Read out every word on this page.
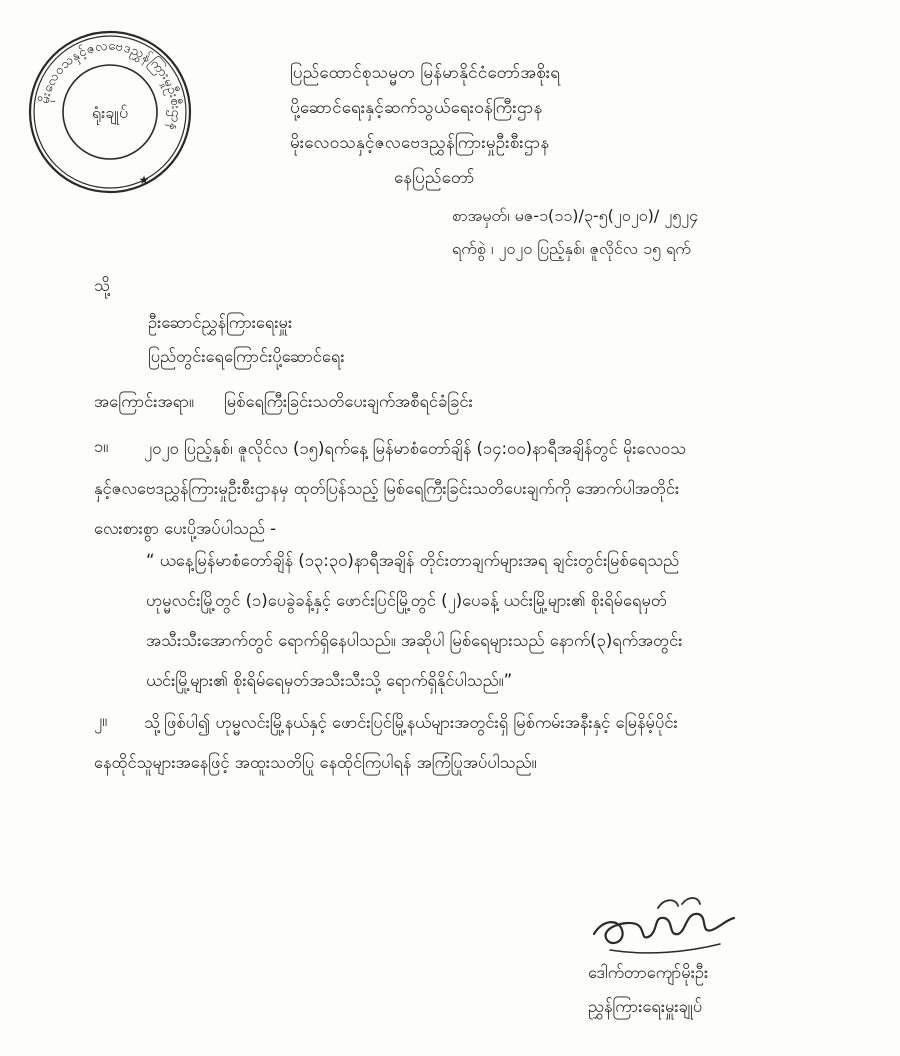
မိုးလေဝသနှင့်ဇလဗေဒညွှန်ကြားမှုဦးစီးဌာန
ရုံးချုပ်
★
ပြည်ထောင်စုသမ္မတ မြန်မာနိုင်ငံတော်အစိုးရ
ပို့ဆောင်ရေးနှင့်ဆက်သွယ်ရေးဝန်ကြီးဌာန
မိုးလေဝသနှင့်ဇလဗေဒညွှန်ကြားမှုဦးစီးဌာန
နေပြည်တော်
စာအမှတ်၊ မဇ-၁(၁၁)/၃-၅(၂၀၂၀)/ ၂၅၂၄
ရက်စွဲ ၊ ၂၀၂၀ ပြည့်နှစ်၊ ဇူလိုင်လ ၁၅ ရက်
သို့
ဦးဆောင်ညွှန်ကြားရေးမှူး
ပြည်တွင်းရေကြောင်းပို့ဆောင်ရေး
အကြောင်းအရာ။ မြစ်ရေကြီးခြင်းသတိပေးချက်အစီရင်ခံခြင်း
၁။	၂၀၂၀ ပြည့်နှစ်၊ ဇူလိုင်လ (၁၅)ရက်နေ့ မြန်မာစံတော်ချိန် (၁၄:၀၀)နာရီအချိန်တွင် မိုးလေဝသ
နှင့်ဇလဗေဒညွှန်ကြားမှုဦးစီးဌာနမှ ထုတ်ပြန်သည့် မြစ်ရေကြီးခြင်းသတိပေးချက်ကို အောက်ပါအတိုင်း
လေးစားစွာ ပေးပို့အပ်ပါသည် -
“ ယနေ့မြန်မာစံတော်ချိန် (၁၃:၃၀)နာရီအချိန် တိုင်းတာချက်များအရ ချင်းတွင်းမြစ်ရေသည်
ဟုမ္မလင်းမြို့တွင် (၁)ပေခွဲခန့်နှင့် ဖောင်းပြင်မြို့တွင် (၂)ပေခန့် ယင်းမြို့များ၏ စိုးရိမ်ရေမှတ်
အသီးသီးအောက်တွင် ရောက်ရှိနေပါသည်။ အဆိုပါ မြစ်ရေများသည် နောက်(၃)ရက်အတွင်း
ယင်းမြို့များ၏ စိုးရိမ်ရေမှတ်အသီးသီးသို့ ရောက်ရှိနိုင်ပါသည်။”
၂။	သို့ဖြစ်ပါ၍ ဟုမ္မလင်းမြို့နယ်နှင့် ဖောင်းပြင်မြို့နယ်များအတွင်းရှိ မြစ်ကမ်းအနီးနှင့် မြေနိမ့်ပိုင်း
နေထိုင်သူများအနေဖြင့် အထူးသတိပြု နေထိုင်ကြပါရန် အကြံပြုအပ်ပါသည်။
ဒေါက်တာကျော်မိုးဦး
ညွှန်ကြားရေးမှူးချုပ်
